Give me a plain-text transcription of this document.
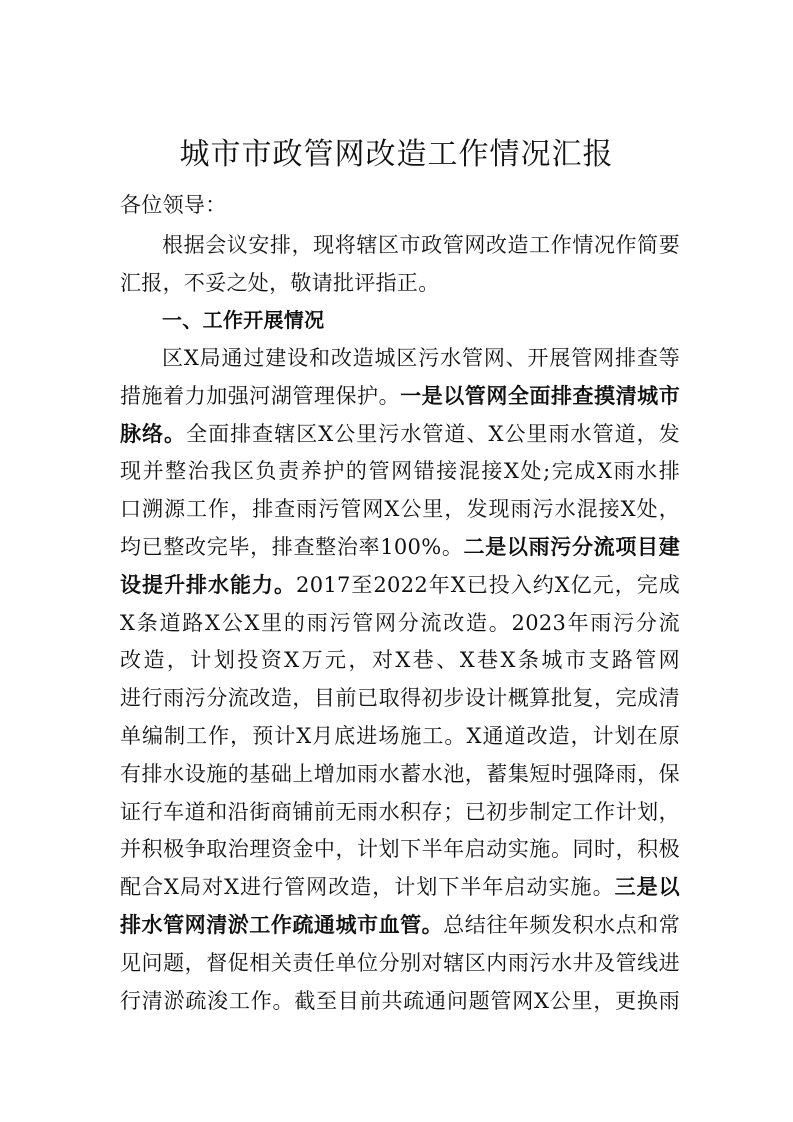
城市市政管网改造工作情况汇报
各位领导：
根据会议安排，现将辖区市政管网改造工作情况作简要
汇报，不妥之处，敬请批评指正。
一、工作开展情况
区X局通过建设和改造城区污水管网、开展管网排查等
措施着力加强河湖管理保护。一是以管网全面排查摸清城市
脉络。全面排查辖区X公里污水管道、X公里雨水管道，发
现并整治我区负责养护的管网错接混接X处;完成X雨水排
口溯源工作，排查雨污管网X公里，发现雨污水混接X处，
均已整改完毕，排查整治率100%。二是以雨污分流项目建
设提升排水能力。2017至2022年X已投入约X亿元，完成
X条道路X公X里的雨污管网分流改造。2023年雨污分流
改造，计划投资X万元，对X巷、X巷X条城市支路管网
进行雨污分流改造，目前已取得初步设计概算批复，完成清
单编制工作，预计X月底进场施工。X通道改造，计划在原
有排水设施的基础上增加雨水蓄水池，蓄集短时强降雨，保
证行车道和沿街商铺前无雨水积存；已初步制定工作计划，
并积极争取治理资金中，计划下半年启动实施。同时，积极
配合X局对X进行管网改造，计划下半年启动实施。三是以
排水管网清淤工作疏通城市血管。总结往年频发积水点和常
见问题，督促相关责任单位分别对辖区内雨污水井及管线进
行清淤疏浚工作。截至目前共疏通问题管网X公里，更换雨
